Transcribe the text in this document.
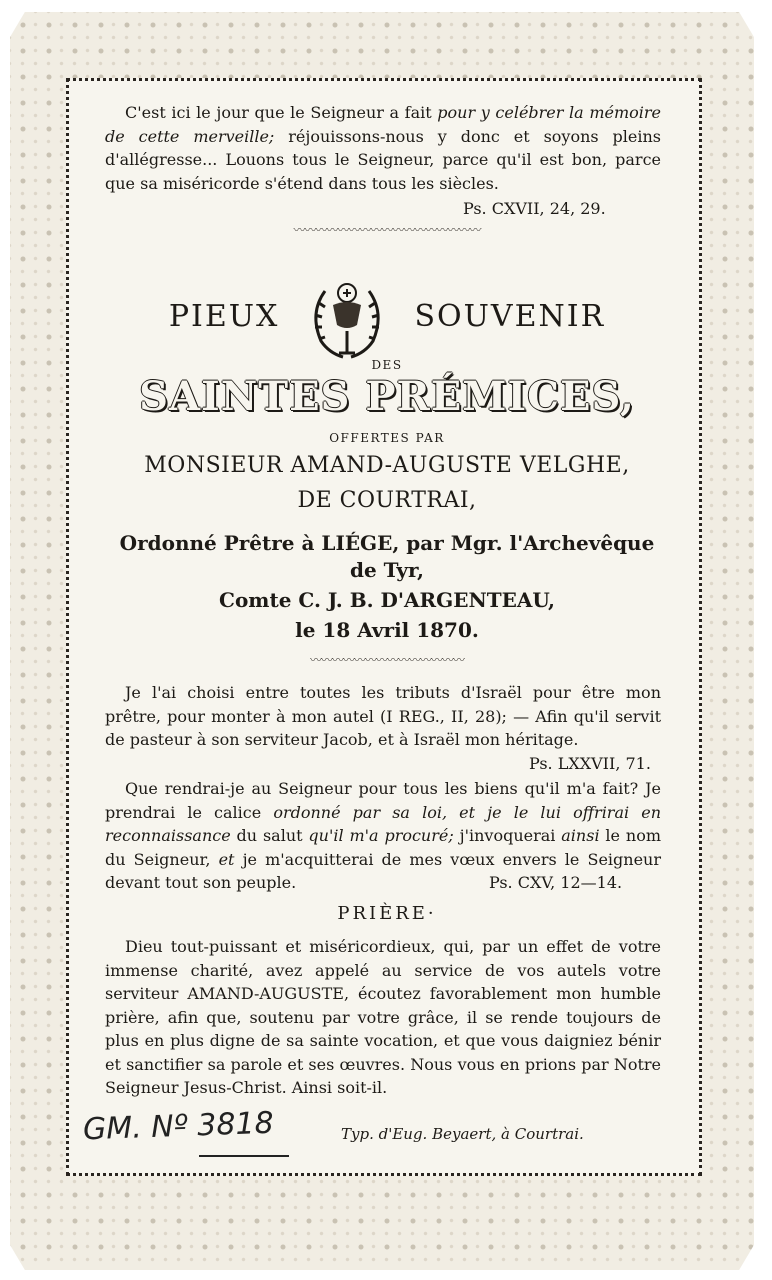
C'est ici le jour que le Seigneur a fait pour y celébrer la mémoire de cette merveille; réjouissons-nous y donc et soyons pleins d'allégresse... Louons tous le Seigneur, parce qu'il est bon, parce que sa miséricorde s'étend dans tous les siècles.

Ps. CXVII, 24, 29.
〰〰〰〰〰〰〰〰〰〰〰〰〰〰〰〰〰
PIEUX	SOUVENIR
DES
SAINTES PRÉMICES,
OFFERTES PAR
MONSIEUR AMAND-AUGUSTE VELGHE,
DE COURTRAI,
Ordonné Prêtre à LIÉGE, par Mgr. l'Archevêque
de Tyr,
Comte C. J. B. D'ARGENTEAU,
le 18 Avril 1870.
〰〰〰〰〰〰〰〰〰〰〰〰〰〰

Je l'ai choisi entre toutes les tributs d'Israël pour être mon prêtre, pour monter à mon autel (I REG., II, 28); — Afin qu'il servit de pasteur à son serviteur Jacob, et à Israël mon héritage.

Ps. LXXVII, 71.

Que rendrai-je au Seigneur pour tous les biens qu'il m'a fait? Je prendrai le calice ordonné par sa loi, et je le lui offrirai en reconnaissance du salut qu'il m'a procuré; j'invoquerai ainsi le nom du Seigneur, et je m'acquitterai de mes vœux envers le Seigneur devant tout son peuple.	Ps. CXV, 12—14.
PRIÈRE·

Dieu tout-puissant et miséricordieux, qui, par un effet de votre immense charité, avez appelé au service de vos autels votre serviteur AMAND-AUGUSTE, écoutez favorablement mon humble prière, afin que, soutenu par votre grâce, il se rende toujours de plus en plus digne de sa sainte vocation, et que vous daigniez bénir et sanctifier sa parole et ses œuvres. Nous vous en prions par Notre Seigneur Jesus-Christ. Ainsi soit-il.

GM. Nº 3818	Typ. d'Eug. Beyaert, à Courtrai.
